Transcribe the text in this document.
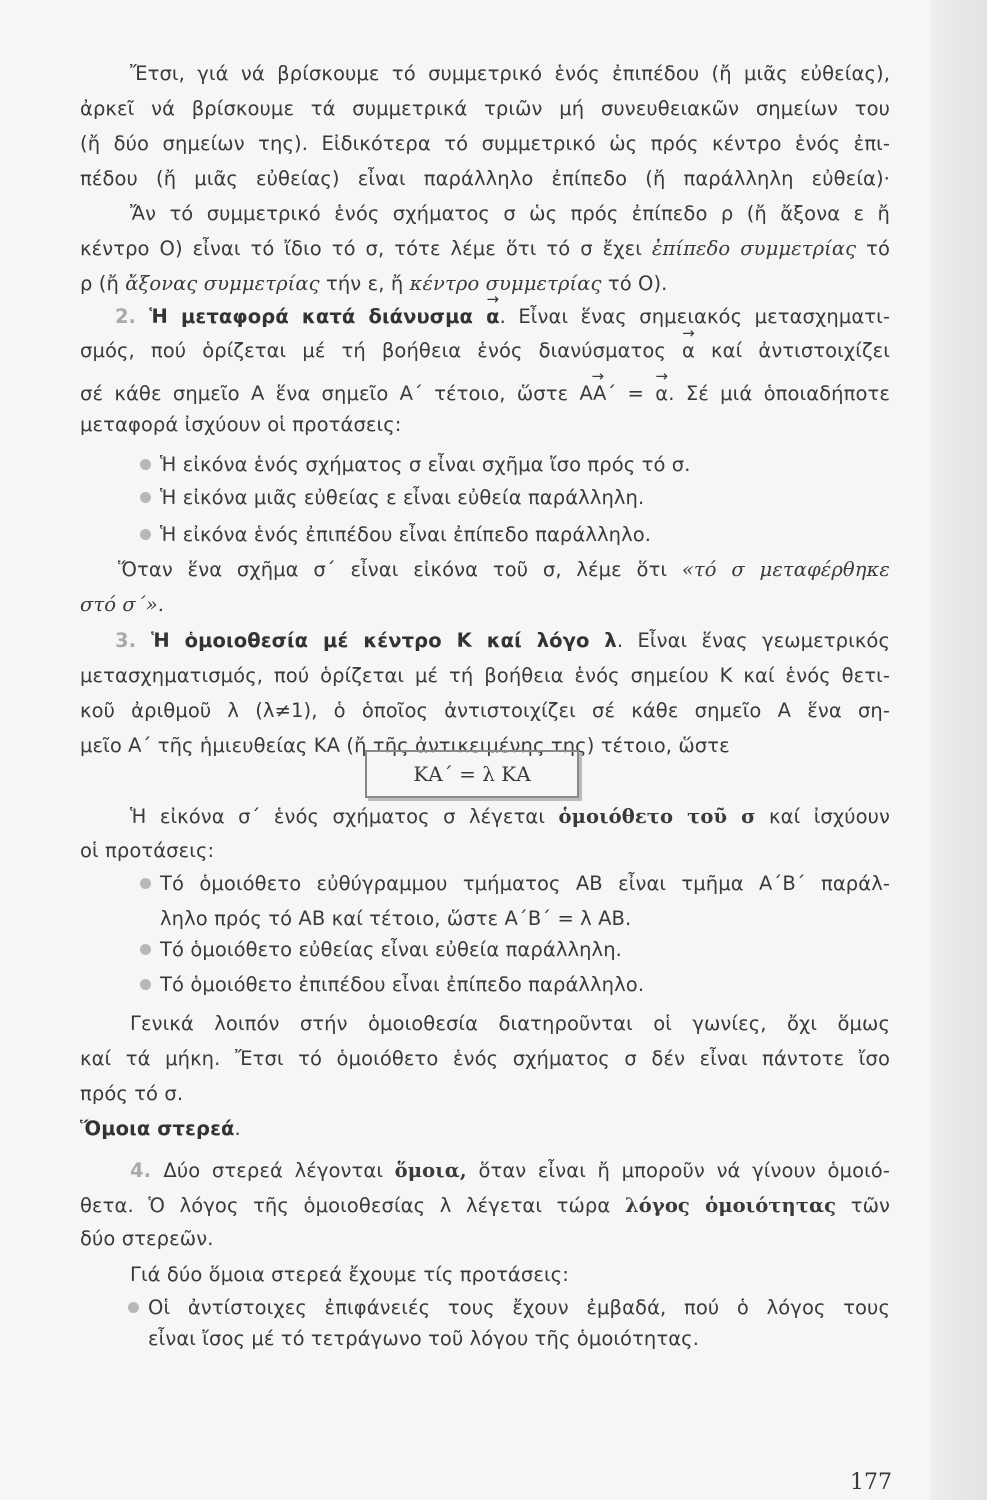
Ἔτσι, γιά νά βρίσκουμε τό συμμετρικό ἑνός ἐπιπέδου (ἤ μιᾶς εὐθείας),
ἀρκεῖ νά βρίσκουμε τά συμμετρικά τριῶν μή συνευθειακῶν σημείων του
(ἤ δύο σημείων της). Εἰδικότερα τό συμμετρικό ὡς πρός κέντρο ἑνός ἐπι-
πέδου (ἤ μιᾶς εὐθείας) εἶναι παράλληλο ἐπίπεδο (ἤ παράλληλη εὐθεία)·
Ἄν τό συμμετρικό ἑνός σχήματος σ ὡς πρός ἐπίπεδο ρ (ἤ ἄξονα ε ἤ
κέντρο Ο) εἶναι τό ἴδιο τό σ, τότε λέμε ὅτι τό σ ἔχει ἐπίπεδο συμμετρίας τό
ρ (ἤ ἄξονας συμμετρίας τήν ε, ἤ κέντρο συμμετρίας τό Ο).
2. Ἡ μεταφορά κατά διάνυσμα → α. Εἶναι ἕνας σημειακός μετασχηματι-
σμός, πού ὁρίζεται μέ τή βοήθεια ἑνός διανύσματος → α καί ἀντιστοιχίζει
σέ κάθε σημεῖο Α ἕνα σημεῖο Α΄ τέτοιο, ὥστε → ΑΑ΄ = → α. Σέ μιά ὁποιαδήποτε
μεταφορά ἰσχύουν οἱ προτάσεις:
Ἡ εἰκόνα ἑνός σχήματος σ εἶναι σχῆμα ἴσο πρός τό σ.
Ἡ εἰκόνα μιᾶς εὐθείας ε εἶναι εὐθεία παράλληλη.
Ἡ εἰκόνα ἑνός ἐπιπέδου εἶναι ἐπίπεδο παράλληλο.
Ὅταν ἕνα σχῆμα σ΄ εἶναι εἰκόνα τοῦ σ, λέμε ὅτι «τό σ μεταφέρθηκε
στό σ΄».
3. Ἡ ὁμοιοθεσία μέ κέντρο Κ καί λόγο λ. Εἶναι ἕνας γεωμετρικός
μετασχηματισμός, πού ὁρίζεται μέ τή βοήθεια ἑνός σημείου Κ καί ἑνός θετι-
κοῦ ἀριθμοῦ λ (λ≠1), ὁ ὁποῖος ἀντιστοιχίζει σέ κάθε σημεῖο Α ἕνα ση-
μεῖο Α΄ τῆς ἡμιευθείας ΚΑ (ἤ τῆς ἀντικειμένης της) τέτοιο, ὥστε
Ἡ εἰκόνα σ΄ ἑνός σχήματος σ λέγεται ὁμοιόθετο τοῦ σ καί ἰσχύουν
οἱ προτάσεις:
Τό ὁμοιόθετο εὐθύγραμμου τμήματος ΑΒ εἶναι τμῆμα Α΄Β΄ παράλ-
ληλο πρός τό ΑΒ καί τέτοιο, ὥστε Α΄Β΄ = λ ΑΒ.
Τό ὁμοιόθετο εὐθείας εἶναι εὐθεία παράλληλη.
Τό ὁμοιόθετο ἐπιπέδου εἶναι ἐπίπεδο παράλληλο.
Γενικά λοιπόν στήν ὁμοιοθεσία διατηροῦνται οἱ γωνίες, ὄχι ὅμως
καί τά μήκη. Ἔτσι τό ὁμοιόθετο ἑνός σχήματος σ δέν εἶναι πάντοτε ἴσο
πρός τό σ.
Ὅμοια στερεά.
4. Δύο στερεά λέγονται ὅμοια, ὅταν εἶναι ἤ μποροῦν νά γίνουν ὁμοιό-
θετα. Ὁ λόγος τῆς ὁμοιοθεσίας λ λέγεται τώρα λόγος ὁμοιότητας τῶν
δύο στερεῶν.
Γιά δύο ὅμοια στερεά ἔχουμε τίς προτάσεις:
Οἱ ἀντίστοιχες ἐπιφάνειές τους ἔχουν ἐμβαδά, πού ὁ λόγος τους
εἶναι ἴσος μέ τό τετράγωνο τοῦ λόγου τῆς ὁμοιότητας.
ΚΑ΄ = λ ΚΑ
177
